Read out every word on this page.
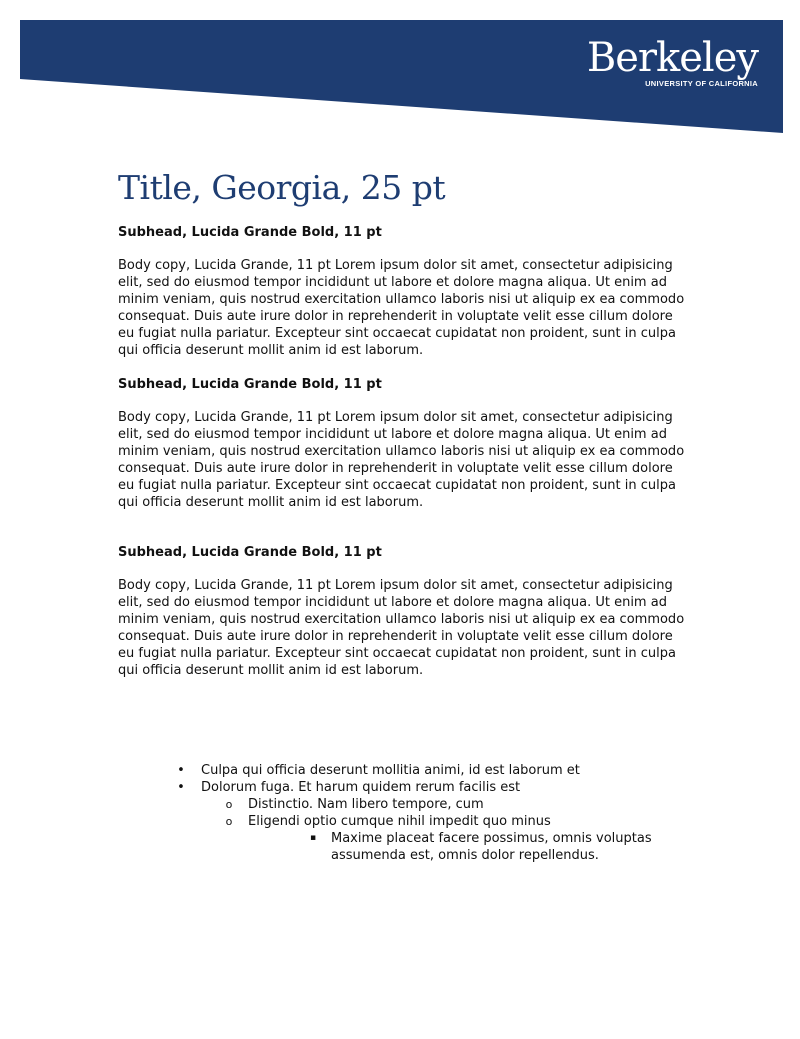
Berkeley
UNIVERSITY OF CALIFORNIA
Title, Georgia, 25 pt

Subhead, Lucida Grande Bold, 11 pt

Body copy, Lucida Grande, 11 pt Lorem ipsum dolor sit amet, consectetur adipisicing elit, sed do eiusmod tempor incididunt ut labore et dolore magna aliqua. Ut enim ad minim veniam, quis nostrud exercitation ullamco laboris nisi ut aliquip ex ea commodo consequat. Duis aute irure dolor in reprehenderit in voluptate velit esse cillum dolore eu fugiat nulla pariatur. Excepteur sint occaecat cupidatat non proident, sunt in culpa qui officia deserunt mollit anim id est laborum.

Subhead, Lucida Grande Bold, 11 pt

Body copy, Lucida Grande, 11 pt Lorem ipsum dolor sit amet, consectetur adipisicing elit, sed do eiusmod tempor incididunt ut labore et dolore magna aliqua. Ut enim ad minim veniam, quis nostrud exercitation ullamco laboris nisi ut aliquip ex ea commodo consequat. Duis aute irure dolor in reprehenderit in voluptate velit esse cillum dolore eu fugiat nulla pariatur. Excepteur sint occaecat cupidatat non proident, sunt in culpa qui officia deserunt mollit anim id est laborum.

Subhead, Lucida Grande Bold, 11 pt

Body copy, Lucida Grande, 11 pt Lorem ipsum dolor sit amet, consectetur adipisicing elit, sed do eiusmod tempor incididunt ut labore et dolore magna aliqua. Ut enim ad minim veniam, quis nostrud exercitation ullamco laboris nisi ut aliquip ex ea commodo consequat. Duis aute irure dolor in reprehenderit in voluptate velit esse cillum dolore eu fugiat nulla pariatur. Excepteur sint occaecat cupidatat non proident, sunt in culpa qui officia deserunt mollit anim id est laborum.

• Culpa qui officia deserunt mollitia animi, id est laborum et
• Dolorum fuga. Et harum quidem rerum facilis est
o Distinctio. Nam libero tempore, cum
o Eligendi optio cumque nihil impedit quo minus
▪	Maxime placeat facere possimus, omnis voluptas assumenda est, omnis dolor repellendus.
